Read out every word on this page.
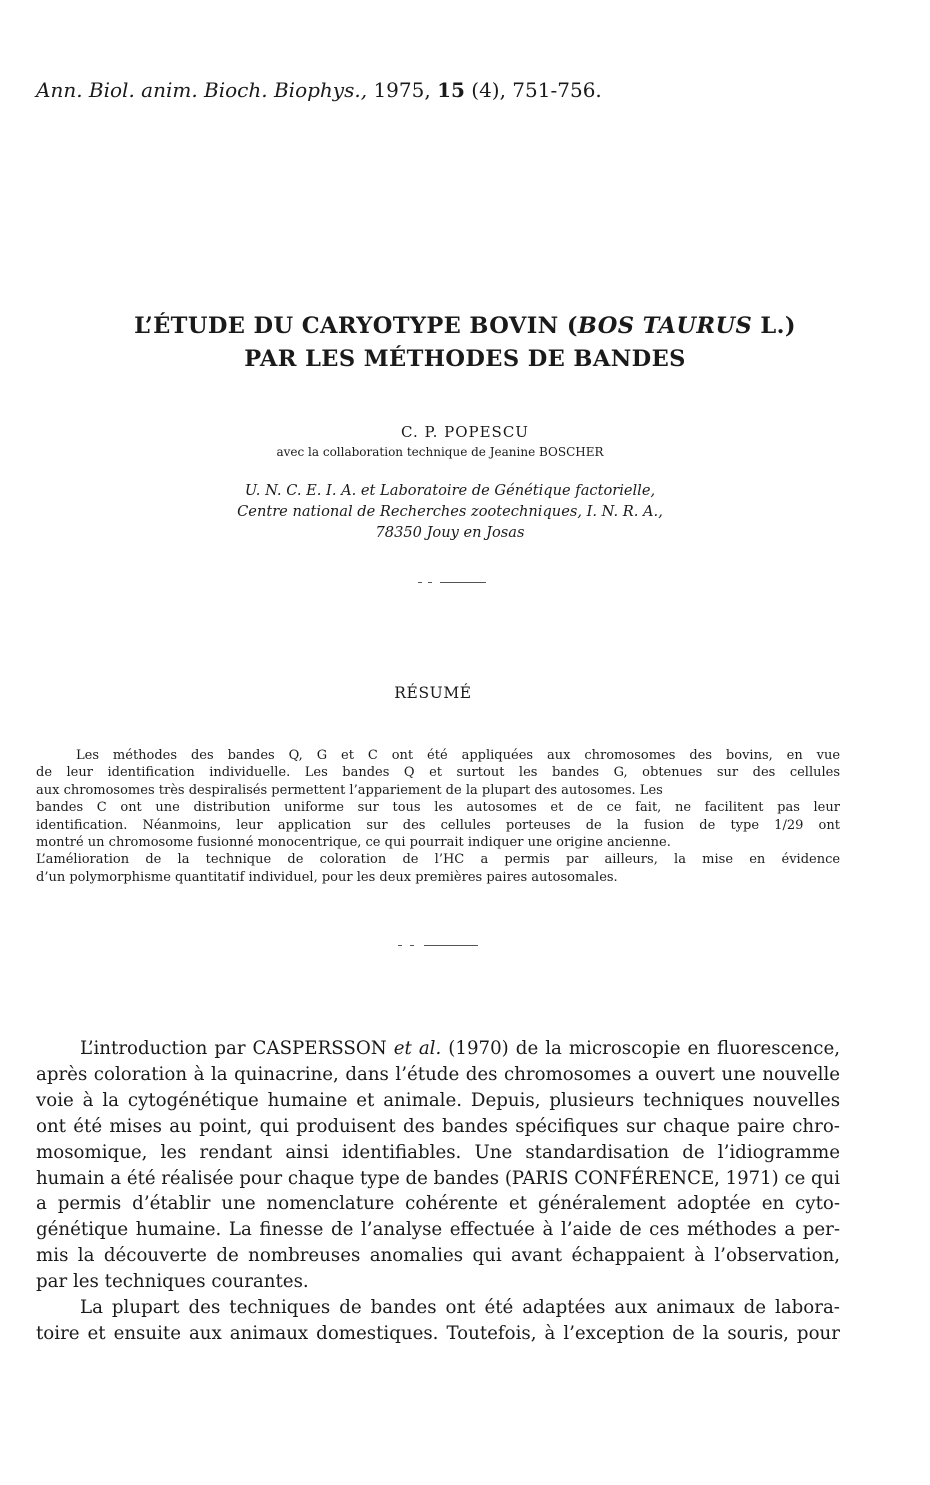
Ann. Biol. anim. Bioch. Biophys., 1975, 15 (4), 751-756.
L’ÉTUDE DU CARYOTYPE BOVIN (BOS TAURUS L.)
PAR LES MÉTHODES DE BANDES
C. P. POPESCU
avec la collaboration technique de Jeanine BOSCHER
U. N. C. E. I. A. et Laboratoire de Génétique factorielle,
Centre national de Recherches zootechniques, I. N. R. A.,
78350 Jouy en Josas
RÉSUMÉ
Les méthodes des bandes Q, G et C ont été appliquées aux chromosomes des bovins, en vue
de leur identification individuelle. Les bandes Q et surtout les bandes G, obtenues sur des cellules
aux chromosomes très despiralisés permettent l’appariement de la plupart des autosomes. Les
bandes C ont une distribution uniforme sur tous les autosomes et de ce fait, ne facilitent pas leur
identification. Néanmoins, leur application sur des cellules porteuses de la fusion de type 1/29 ont
montré un chromosome fusionné monocentrique, ce qui pourrait indiquer une origine ancienne.
L’amélioration de la technique de coloration de l’HC a permis par ailleurs, la mise en évidence
d’un polymorphisme quantitatif individuel, pour les deux premières paires autosomales.
L’introduction par CASPERSSON et al. (1970) de la microscopie en fluorescence,
après coloration à la quinacrine, dans l’étude des chromosomes a ouvert une nouvelle
voie à la cytogénétique humaine et animale. Depuis, plusieurs techniques nouvelles
ont été mises au point, qui produisent des bandes spécifiques sur chaque paire chro-
mosomique, les rendant ainsi identifiables. Une standardisation de l’idiogramme
humain a été réalisée pour chaque type de bandes (PARIS CONFÉRENCE, 1971) ce qui
a permis d’établir une nomenclature cohérente et généralement adoptée en cyto-
génétique humaine. La finesse de l’analyse effectuée à l’aide de ces méthodes a per-
mis la découverte de nombreuses anomalies qui avant échappaient à l’observation,
par les techniques courantes.
La plupart des techniques de bandes ont été adaptées aux animaux de labora-
toire et ensuite aux animaux domestiques. Toutefois, à l’exception de la souris, pour
